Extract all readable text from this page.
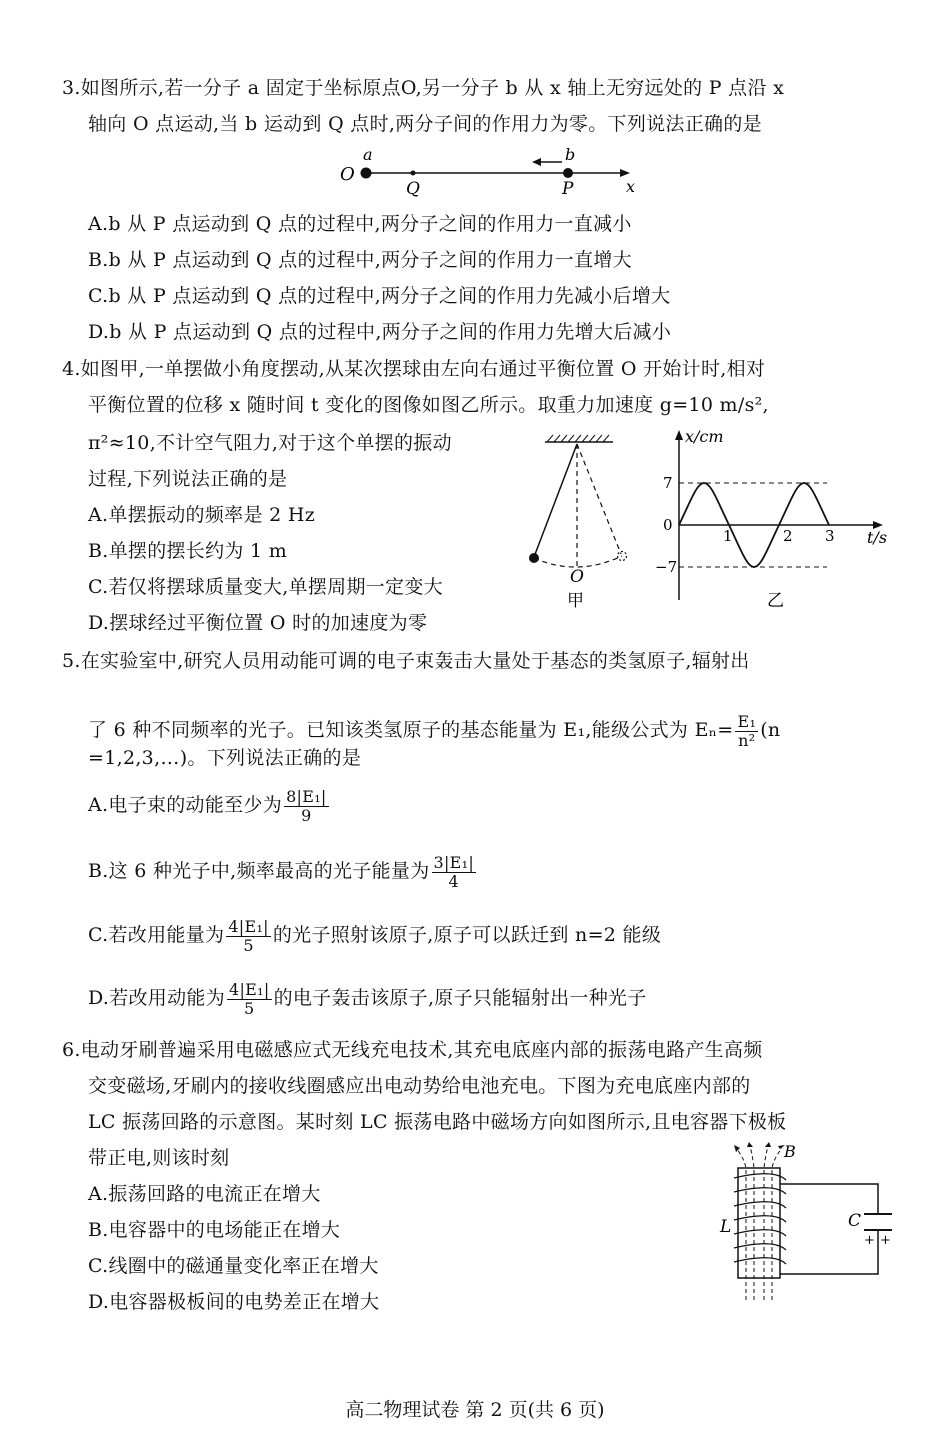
3.如图所示,若一分子 a 固定于坐标原点O,另一分子 b 从 x 轴上无穷远处的 P 点沿 x
轴向 O 点运动,当 b 运动到 Q 点时,两分子间的作用力为零。下列说法正确的是
O
a
Q
b
P	x
A.b 从 P 点运动到 Q 点的过程中,两分子之间的作用力一直减小
B.b 从 P 点运动到 Q 点的过程中,两分子之间的作用力一直增大
C.b 从 P 点运动到 Q 点的过程中,两分子之间的作用力先减小后增大
D.b 从 P 点运动到 Q 点的过程中,两分子之间的作用力先增大后减小
4.如图甲,一单摆做小角度摆动,从某次摆球由左向右通过平衡位置 O 开始计时,相对
平衡位置的位移 x 随时间 t 变化的图像如图乙所示。取重力加速度 g=10 m/s²,
π²≈10,不计空气阻力,对于这个单摆的振动
过程,下列说法正确的是
A.单摆振动的频率是 2 Hz
B.单摆的摆长约为 1 m
C.若仅将摆球质量变大,单摆周期一定变大
D.摆球经过平衡位置 O 时的加速度为零
O
甲
x/cm
7
0
−7
1	2 3 t/s
乙
5.在实验室中,研究人员用动能可调的电子束轰击大量处于基态的类氢原子,辐射出
了 6 种不同频率的光子。已知该类氢原子的基态能量为 E₁,能级公式为 $E_n= \frac{\text{E₁}}{\text{n²}} (n$
=1,2,3,…)。下列说法正确的是
A.电子束的动能至少为 $\frac{\text{8|E₁|}}{9}$
B.这 6 种光子中,频率最高的光子能量为 $\frac{\text{3|E₁|}}{4}$
C.若改用能量为 $\frac{\text{4|E₁|}}{5}$ 的光子照射该原子,原子可以跃迁到 n=2 能级
D.若改用动能为 $\frac{\text{4|E₁|}}{5}$ 的电子轰击该原子,原子只能辐射出一种光子
6.电动牙刷普遍采用电磁感应式无线充电技术,其充电底座内部的振荡电路产生高频
交变磁场,牙刷内的接收线圈感应出电动势给电池充电。下图为充电底座内部的
LC 振荡回路的示意图。某时刻 LC 振荡电路中磁场方向如图所示,且电容器下极板
带正电,则该时刻
A.振荡回路的电流正在增大
B.电容器中的电场能正在增大
C.线圈中的磁通量变化率正在增大
D.电容器极板间的电势差正在增大
+ +
B
L	C
高二物理试卷 第 2 页(共 6 页)
